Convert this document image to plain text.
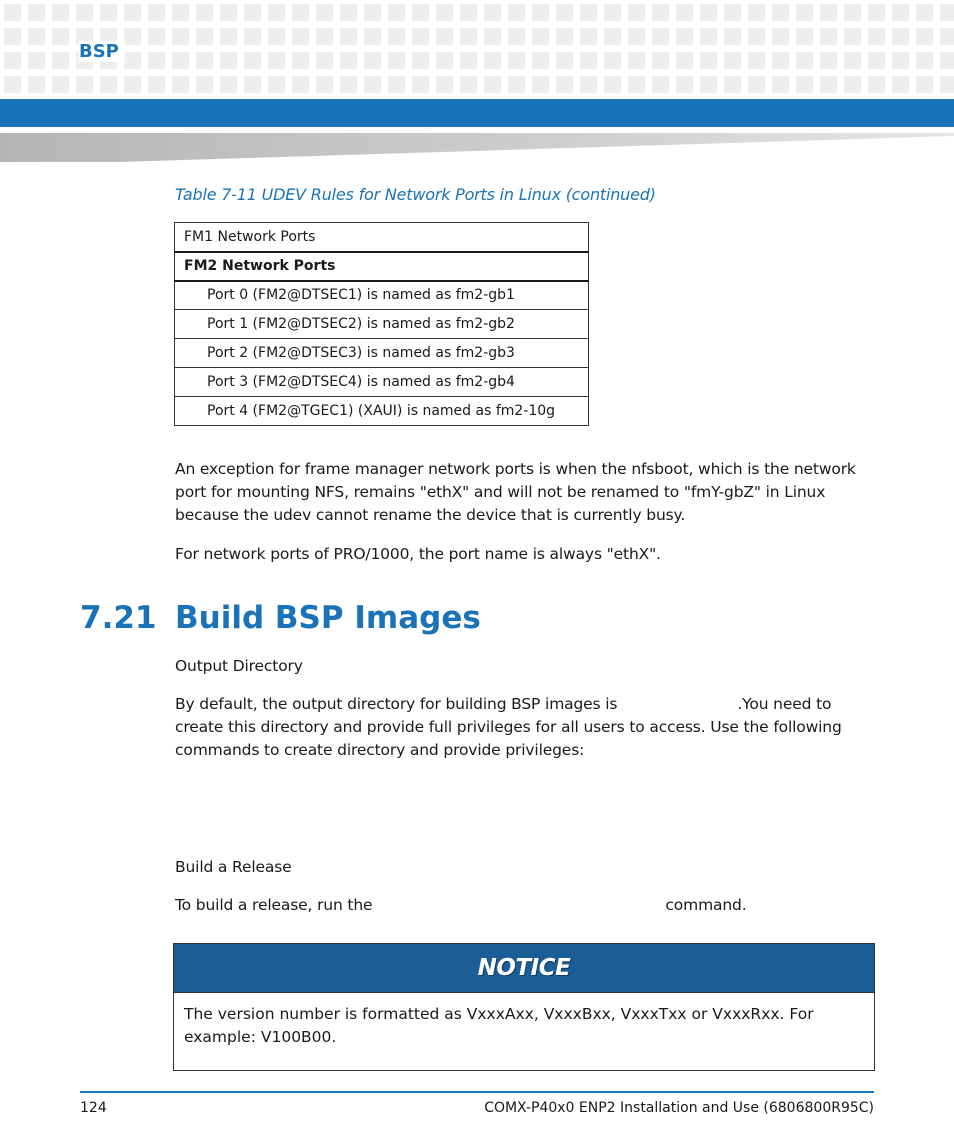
BSP
Table 7-11 UDEV Rules for Network Ports in Linux (continued)
FM1 Network Ports
FM2 Network Ports
Port 0 (FM2@DTSEC1) is named as fm2-gb1
Port 1 (FM2@DTSEC2) is named as fm2-gb2
Port 2 (FM2@DTSEC3) is named as fm2-gb3
Port 3 (FM2@DTSEC4) is named as fm2-gb4
Port 4 (FM2@TGEC1) (XAUI) is named as fm2-10g
An exception for frame manager network ports is when the nfsboot, which is the network port for mounting NFS, remains "ethX" and will not be renamed to "fmY-gbZ" in Linux because the udev cannot rename the device that is currently busy.
For network ports of PRO/1000, the port name is always "ethX".
7.21 Build BSP Images
Output Directory
By default, the output directory for building BSP images is	.You need to create this directory and provide full privileges for all users to access. Use the following commands to create directory and provide privileges:
Build a Release
To build a release, run the	command.
NOTICE
The version number is formatted as VxxxAxx, VxxxBxx, VxxxTxx or VxxxRxx. For example: V100B00.
124	COMX-P40x0 ENP2 Installation and Use (6806800R95C)
